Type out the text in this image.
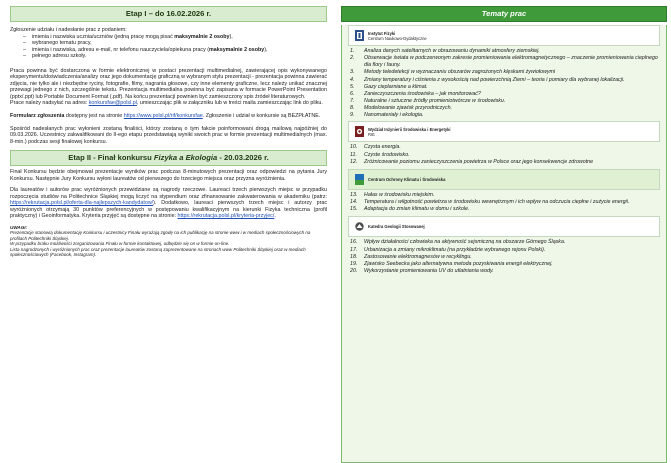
Etap I – do 16.02.2026 r.

Zgłoszenie udziału i nadesłanie prac z podaniem:

– imienia i nazwiska ucznia/uczniów (jedną pracę mogą pisać maksymalnie 2 osoby),
– wybranego tematu pracy,
– imienia i nazwiska, adresu e-mail, nr telefonu nauczyciela/opiekuna pracy (maksymalnie 2 osoby),
– pełnego adresu szkoły.

Praca powinna być dostarczona w formie elektronicznej w postaci prezentacji multimedialnej, zawierającej opis wykonywanego eksperymentu/doświadczenia/analizy oraz jego dokumentację graficzną w wybranym stylu prezentacji - prezentacja powinna zawierać zdjęcia, nie tylko ale i niezbędne ryciny, fotografie, filmy, nagrania głosowe, czy inne elementy graficzne, lecz należy unikać znacznej przewagi jednego z nich, szczególnie tekstu. Prezentacja multimedialna powinna być zapisana w formacie PowerPoint Presentation (pptx/.ppt) lub Portable Document Format (.pdf). Na końcu prezentacji powinien być zamieszczony spis źródeł literaturowych.

Prace należy nadsyłać na adres: konkursfae@polsl.pl, umieszczając plik w załączniku lub w treści maila zamieszczając link do pliku.

Formularz zgłoszenia dostępny jest na stronie https://www.polsl.pl/rif/konkursfae. Zgłoszenie i udział w konkursie są BEZPŁATNE.

Spośród nadesłanych prac wyłonieni zostaną finaliści, którzy zostaną o tym fakcie poinformowani drogą mailową najpóźniej do 09.03.2026. Uczestnicy zakwalifikowani do II-ego etapu przedstawiają wyniki swoich prac w formie prezentacji multimedialnych (max. 8-min.) podczas sesji finałowej konkursu.

Etap II - Finał konkursu Fizyka a Ekologia - 20.03.2026 r.

Finał Konkursu będzie obejmował prezentacje wyników prac podczas 8-minutowych prezentacji oraz odpowiedzi na pytania Jury Konkursu. Następnie Jury Konkursu wyłoni laureatów od pierwszego do trzeciego miejsca oraz przyzna wyróżnienia.

Dla laureatów i autorów prac wyróżnionych przewidziane są nagrody rzeczowe. Laureaci trzech pierwszych miejsc w przypadku rozpoczęcia studiów na Politechnice Śląskiej mogą liczyć na stypendium oraz zfinansowanie zakwaterowania w akademiku (patrz: https://rekrutacja.polsl.pl/oferta-dla-najlepszych-kandydatow/). Dodatkowo, laureaci pierwszych trzech miejsc i autorzy prac wyróżnionych otrzymają 30 punktów preferencyjnych w postępowaniu kwalifikacyjnym na kierunki Fizyka techniczna (profil praktyczny) i Geoinformatyka. Kryteria przyjęć są dostępne na stronie: https://rekrutacja.polsl.pl/kryteria-przyjec/.

UWAGI:

Prezentacje stanowią dokumentację Konkursu i uczestnicy Finału wyrażają zgodę na ich publikację na stronie www i w mediach społecznościowych na profilach Politechniki Śląskiej.

W przypadku braku możliwości zorganizowania Finału w formie kontaktowej, odbędzie się on w formie on-line.

Lista nagrodzonych i wyróżnionych prac oraz prezentacje laureatów zostaną zaprezentowane na stronach www Politechniki Śląskiej oraz w mediach społecznościowych (Facebook, Instagram).

Tematy prac
Instytut Fizyki
Centrum Naukowo-Dydaktyczne
1. Analiza danych satelitarnych w obrazowaniu dynamiki atmosfery ziemskiej.
2. Obserwacje świata w podczerwonym zakresie promieniowania elektromagnetycznego – znaczenie promieniowania cieplnego dla flory i fauny.
3. Metody teledetekcji w wyznaczaniu obszarów zagrożonych klęskami żywiołowymi
4. Zmiany temperatury i ciśnienia z wysokością nad powierzchnią Ziemi – teoria i pomiary dla wybranej lokalizacji.
5. Gazy cieplarniane a klimat.
6. Zanieczyszczenia środowiska – jak monitorować?
7. Naturalne i sztuczne źródły promieniotwórcze w środowisku.
8. Modelowanie zjawisk przyrodniczych.
9. Nanomateriały i ekologia.
Wydział Inżynierii Środowiska i Energetyki
RIE
10. Czysta energia.
11. Czyste środowisko.
12. Zróżnicowanie poziomu zanieczyszczenia powietrza w Polsce oraz jego konsekwencje zdrowotne
Centrum Ochrony Klimatu i Środowiska
13. Hałas w środowisku miejskim.
14. Temperatura i wilgotność powietrza w środowisku wewnętrznym i ich wpływ na odczucia ciepłne i zużycie energii.
15. Adaptacja do zmian klimatu w domu i szkole.
Katedra Geologii Stosowanej
16. Wpływ działalności człowieka na aktywność sejsmiczną na obszarze Górnego Śląska.
17. Urbanizacja a zmiany mikroklimatu (na przykładzie wybranego rejonu Polski).
18. Zastosowanie elektromagnesów w recyklingu.
19. Zjawisko Seebecka jako alternatywna metoda pozyskiwania energii elektrycznej.
20. Wykorzystanie promieniowania UV do utlatniania wody.
